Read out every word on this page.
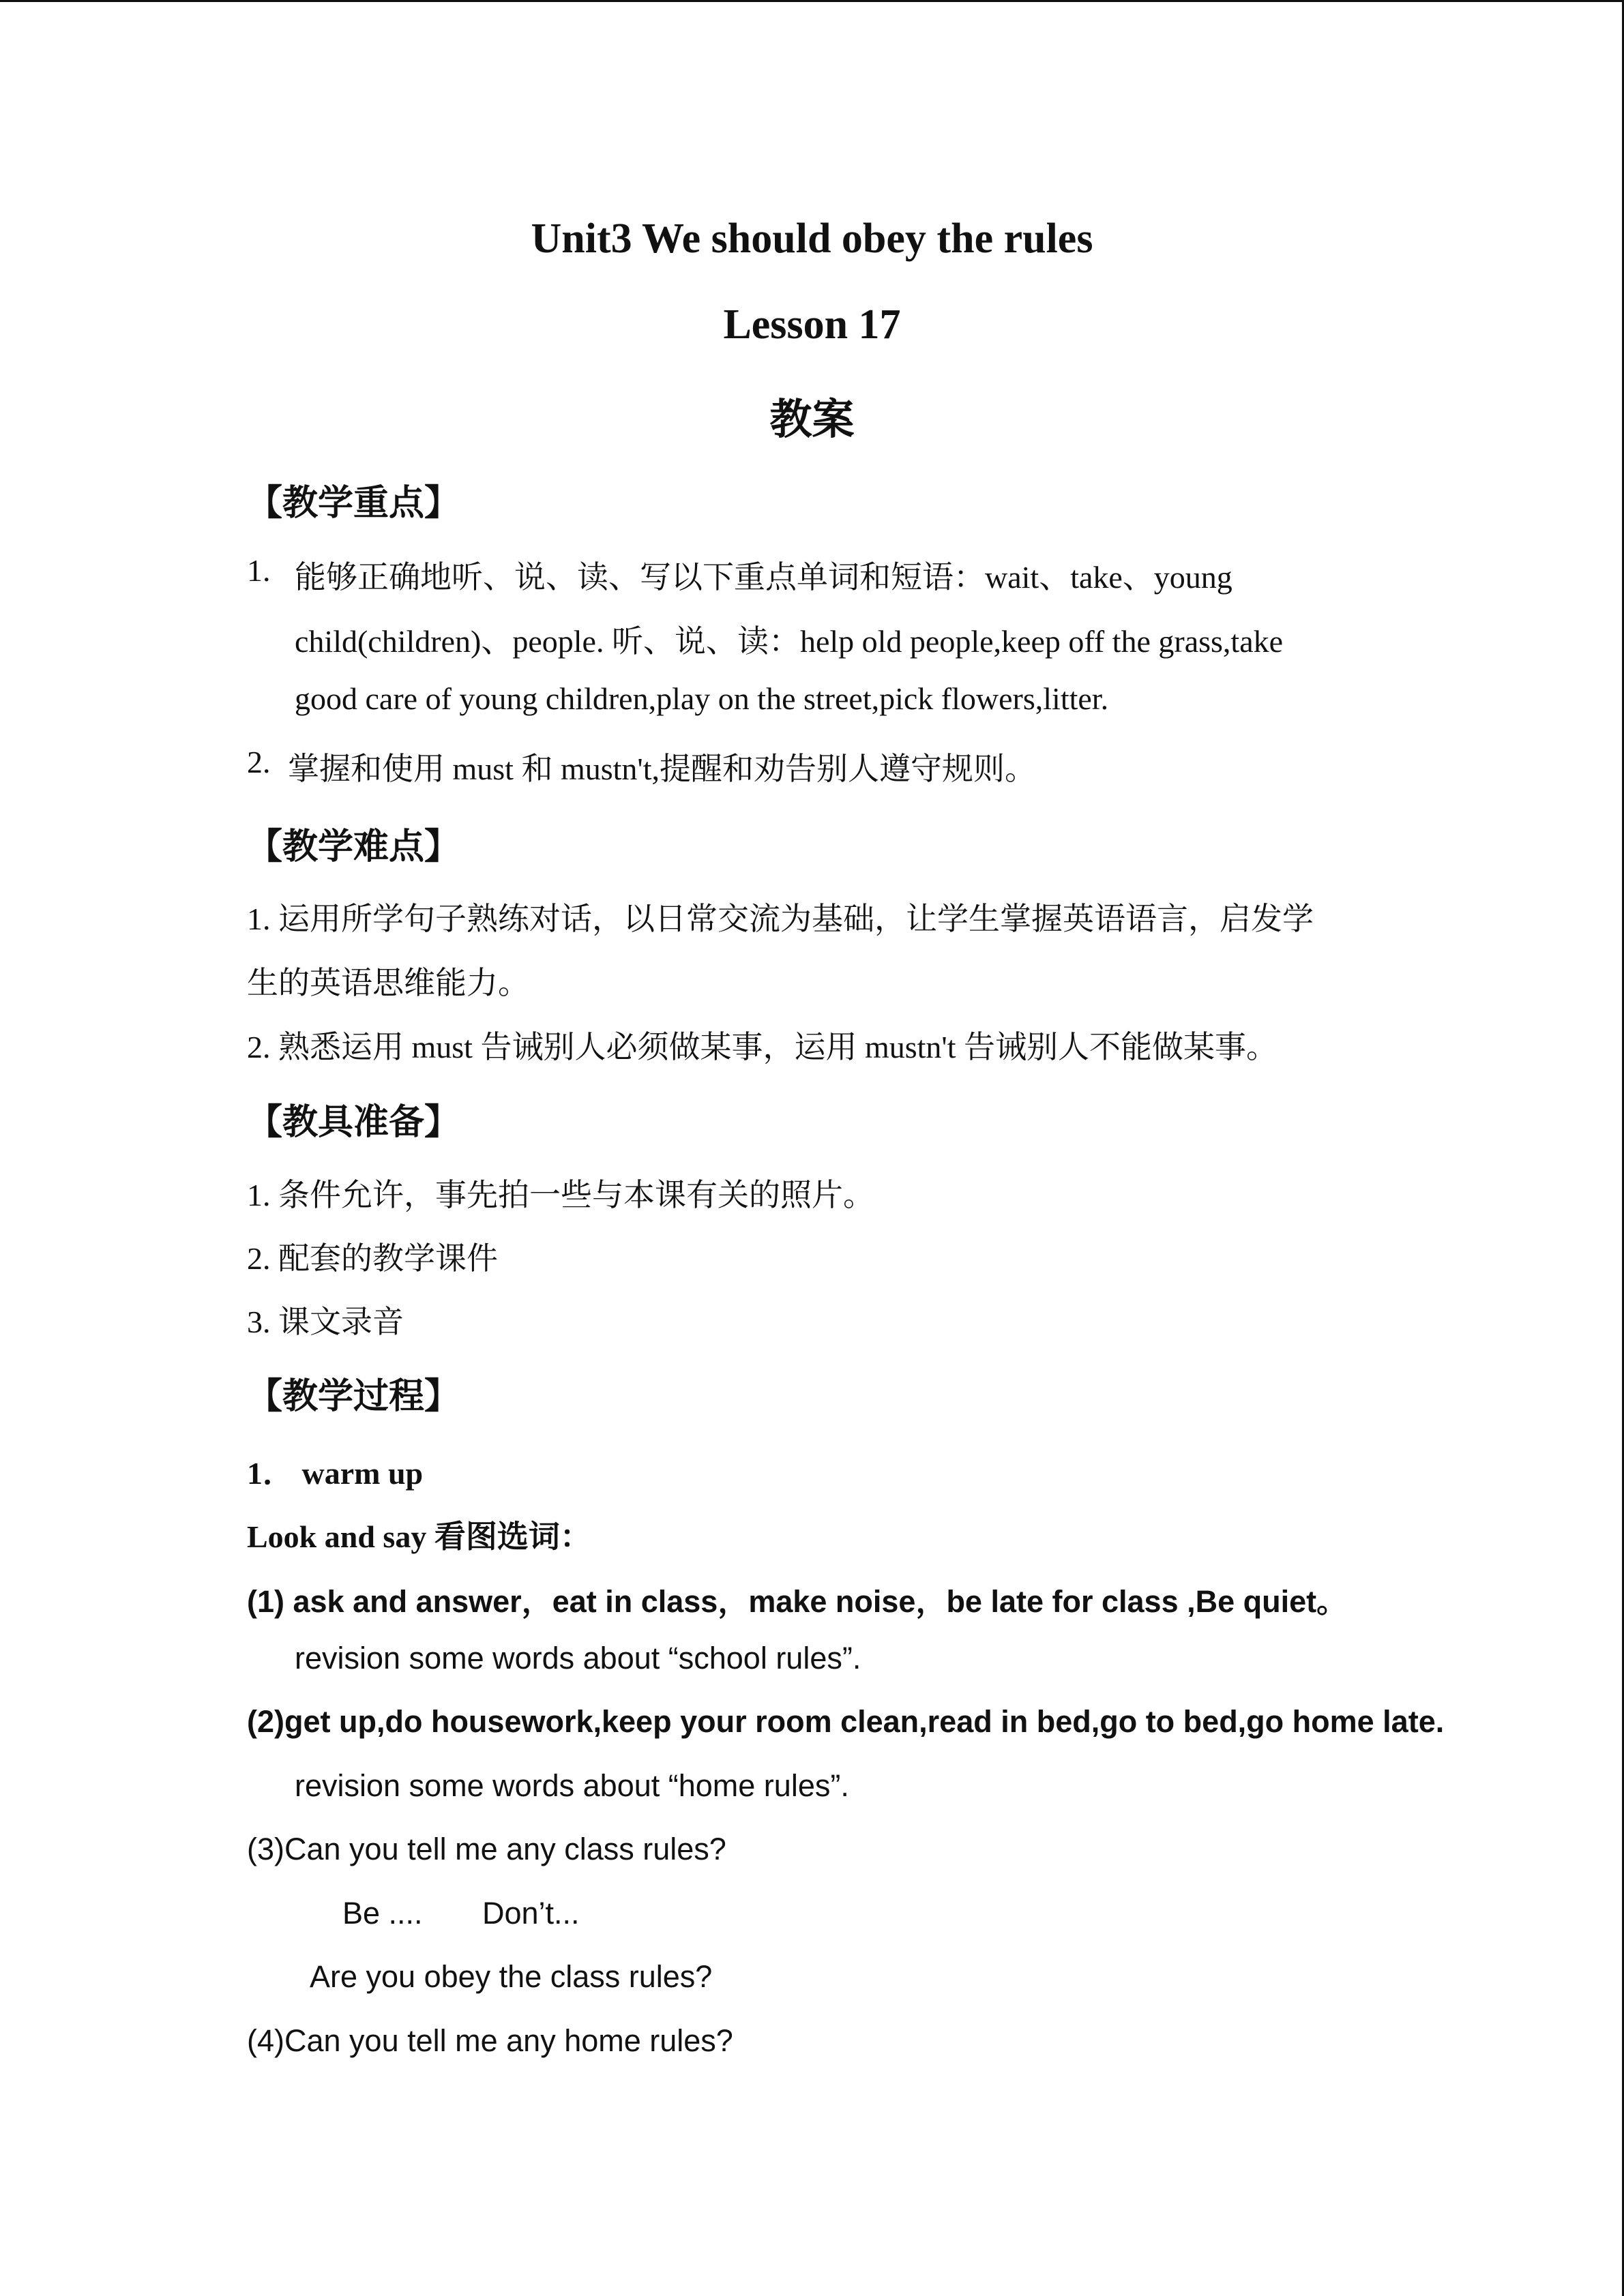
Unit3 We should obey the rules
Lesson 17
教案
【教学重点】
1. 能够正确地听、说、读、写以下重点单词和短语：wait、take、young
child(children)、people. 听、说、读：help old people,keep off the grass,take
good care of young children,play on the street,pick flowers,litter.
2. 掌握和使用 must 和 mustn't,提醒和劝告别人遵守规则。
【教学难点】
1. 运用所学句子熟练对话，以日常交流为基础，让学生掌握英语语言，启发学
生的英语思维能力。
2. 熟悉运用 must 告诫别人必须做某事，运用 mustn't 告诫别人不能做某事。
【教具准备】
1. 条件允许，事先拍一些与本课有关的照片。
2. 配套的教学课件
3. 课文录音
【教学过程】
1． warm up
Look and say 看图选词：
(1) ask and answer，eat in class，make noise，be late for class ,Be quiet。
revision some words about “school rules”.
(2)get up,do housework,keep your room clean,read in bed,go to bed,go home late.
revision some words about “home rules”.
(3)Can you tell me any class rules?
Be .... Don’t...
Are you obey the class rules?
(4)Can you tell me any home rules?
